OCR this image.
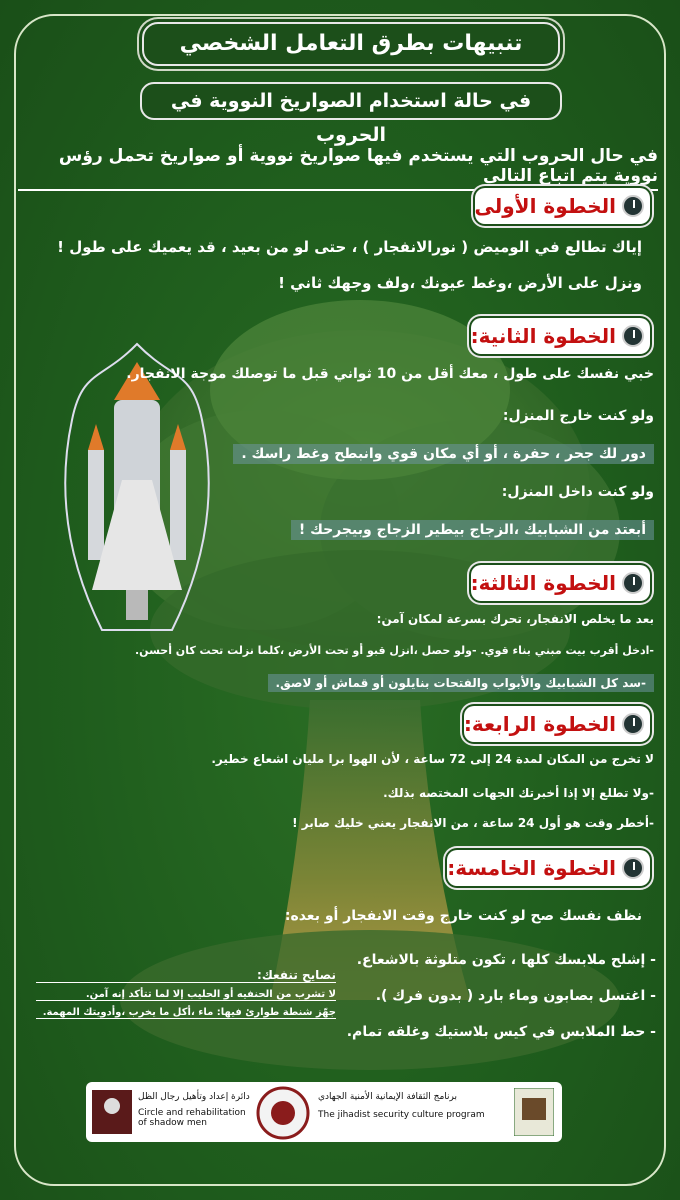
تنبيهات بطرق التعامل الشخصي
في حالة استخدام الصواريخ النووية في الحروب
في حال الحروب التي يستخدم فيها صواريخ نووية أو صواريخ تحمل رؤس نووية يتم اتباع التالي
الخطوة الأولى
إياك تطالع في الوميض ( نورالانفجار ) ، حتى لو من بعيد ، قد يعميك على طول !
ونزل على الأرض ،وغط عيونك ،ولف وجهك ثاني !
الخطوة الثانية:
خبي نفسك على طول ، معك أقل من 10 ثواني قبل ما توصلك موجة الانفجار.
ولو كنت خارج المنزل:
دور لك جحر ، حفرة ، أو أي مكان قوي وانبطح وغط راسك .
ولو كنت داخل المنزل:
أبعتد من الشبابيك ،الزجاج بيطير الزجاج وبيجرحك !
الخطوة الثالثة:
بعد ما يخلص الانفجار، تحرك بسرعة لمكان آمن:
-ادخل أقرب بيت مبني بناء قوي. -ولو حصل ،انزل قبو أو تحت الأرض ،كلما نزلت تحت كان أحسن.
-سد كل الشبابيك والأبواب والفتحات بنايلون أو قماش أو لاصق.
الخطوة الرابعة:
لا تخرج من المكان لمدة 24 إلى 72 ساعة ، لأن الهوا برا مليان اشعاع خطير.
-ولا تطلع إلا إذا أخبرتك الجهات المختصه بذلك.
-أخطر وقت هو أول 24 ساعة ، من الانفجار يعني خليك صابر !
الخطوة الخامسة:
نظف نفسك صح لو كنت خارج وقت الانفجار أو بعده:
- إشلح ملابسك كلها ، تكون متلوثة بالاشعاع.
- اغتسل بصابون وماء بارد ( بدون فرك ).
- حط الملابس في كيس بلاستيك وغلقه تمام.
نصايح تنفعك:
لا تشرب من الحنفيه أو الحليب إلا لما تتأكد إنه آمن.
جهّز شنطة طوارئ فيها: ماء ،أكل ما يخرب ،وأدويتك المهمة.
دائرة إعداد وتأهيل رجال الظل
Circle and rehabilitation of shadow men
برنامج الثقافة الإيمانية الأمنية الجهادي
The jihadist security culture program
